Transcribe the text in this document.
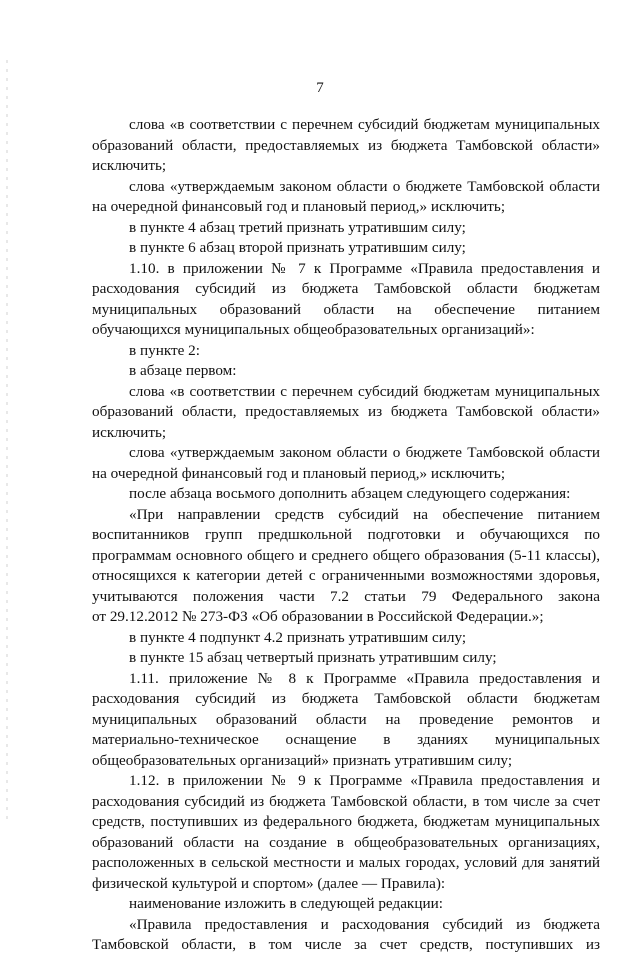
7
слова «в соответствии с перечнем субсидий бюджетам муниципальных
образований области, предоставляемых из бюджета Тамбовской области»
исключить;
слова «утверждаемым законом области о бюджете Тамбовской области
на очередной финансовый год и плановый период,» исключить;
в пункте 4 абзац третий признать утратившим силу;
в пункте 6 абзац второй признать утратившим силу;
1.10. в приложении № 7 к Программе «Правила предоставления и
расходования субсидий из бюджета Тамбовской области бюджетам
муниципальных образований области на обеспечение питанием
обучающихся муниципальных общеобразовательных организаций»:
в пункте 2:
в абзаце первом:
слова «в соответствии с перечнем субсидий бюджетам муниципальных
образований области, предоставляемых из бюджета Тамбовской области»
исключить;
слова «утверждаемым законом области о бюджете Тамбовской области
на очередной финансовый год и плановый период,» исключить;
после абзаца восьмого дополнить абзацем следующего содержания:
«При направлении средств субсидий на обеспечение питанием
воспитанников групп предшкольной подготовки и обучающихся по
программам основного общего и среднего общего образования (5-11 классы),
относящихся к категории детей с ограниченными возможностями здоровья,
учитываются положения части 7.2 статьи 79 Федерального закона
от 29.12.2012 № 273-ФЗ «Об образовании в Российской Федерации.»;
в пункте 4 подпункт 4.2 признать утратившим силу;
в пункте 15 абзац четвертый признать утратившим силу;
1.11. приложение № 8 к Программе «Правила предоставления и
расходования субсидий из бюджета Тамбовской области бюджетам
муниципальных образований области на проведение ремонтов и
материально-техническое оснащение в зданиях муниципальных
общеобразовательных организаций» признать утратившим силу;
1.12. в приложении № 9 к Программе «Правила предоставления и
расходования субсидий из бюджета Тамбовской области, в том числе за счет
средств, поступивших из федерального бюджета, бюджетам муниципальных
образований области на создание в общеобразовательных организациях,
расположенных в сельской местности и малых городах, условий для занятий
физической культурой и спортом» (далее — Правила):
наименование изложить в следующей редакции:
«Правила предоставления и расходования субсидий из бюджета
Тамбовской области, в том числе за счет средств, поступивших из
